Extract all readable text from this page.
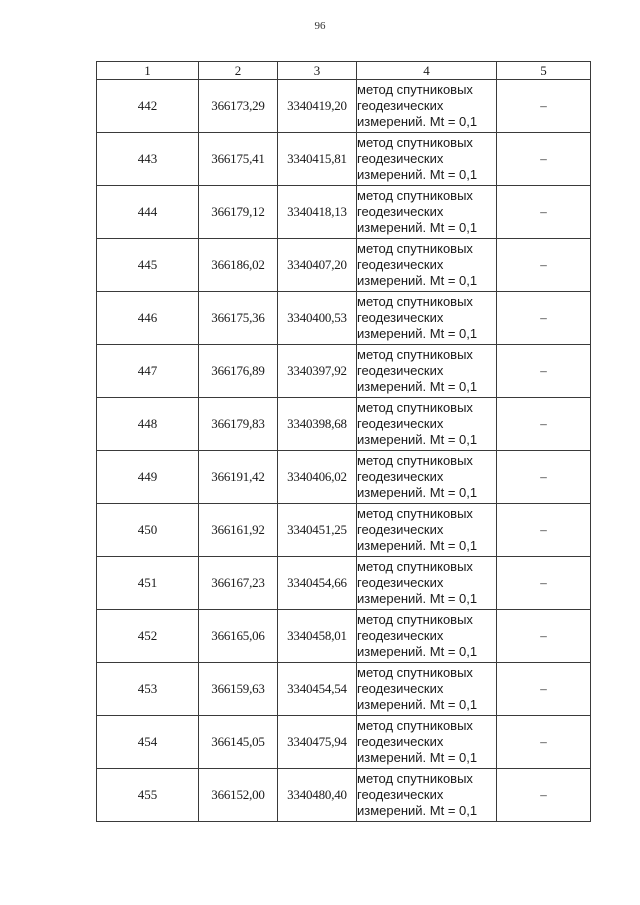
96
1	2	3	4	5
442	366173,29	3340419,20	метод спутниковых
геодезических
измерений. Mt = 0,1	–
443	366175,41	3340415,81	метод спутниковых
геодезических
измерений. Mt = 0,1	–
444	366179,12	3340418,13	метод спутниковых
геодезических
измерений. Mt = 0,1	–
445	366186,02	3340407,20	метод спутниковых
геодезических
измерений. Mt = 0,1	–
446	366175,36	3340400,53	метод спутниковых
геодезических
измерений. Mt = 0,1	–
447	366176,89	3340397,92	метод спутниковых
геодезических
измерений. Mt = 0,1	–
448	366179,83	3340398,68	метод спутниковых
геодезических
измерений. Mt = 0,1	–
449	366191,42	3340406,02	метод спутниковых
геодезических
измерений. Mt = 0,1	–
450	366161,92	3340451,25	метод спутниковых
геодезических
измерений. Mt = 0,1	–
451	366167,23	3340454,66	метод спутниковых
геодезических
измерений. Mt = 0,1	–
452	366165,06	3340458,01	метод спутниковых
геодезических
измерений. Mt = 0,1	–
453	366159,63	3340454,54	метод спутниковых
геодезических
измерений. Mt = 0,1	–
454	366145,05	3340475,94	метод спутниковых
геодезических
измерений. Mt = 0,1	–
455	366152,00	3340480,40	метод спутниковых
геодезических
измерений. Mt = 0,1	–
